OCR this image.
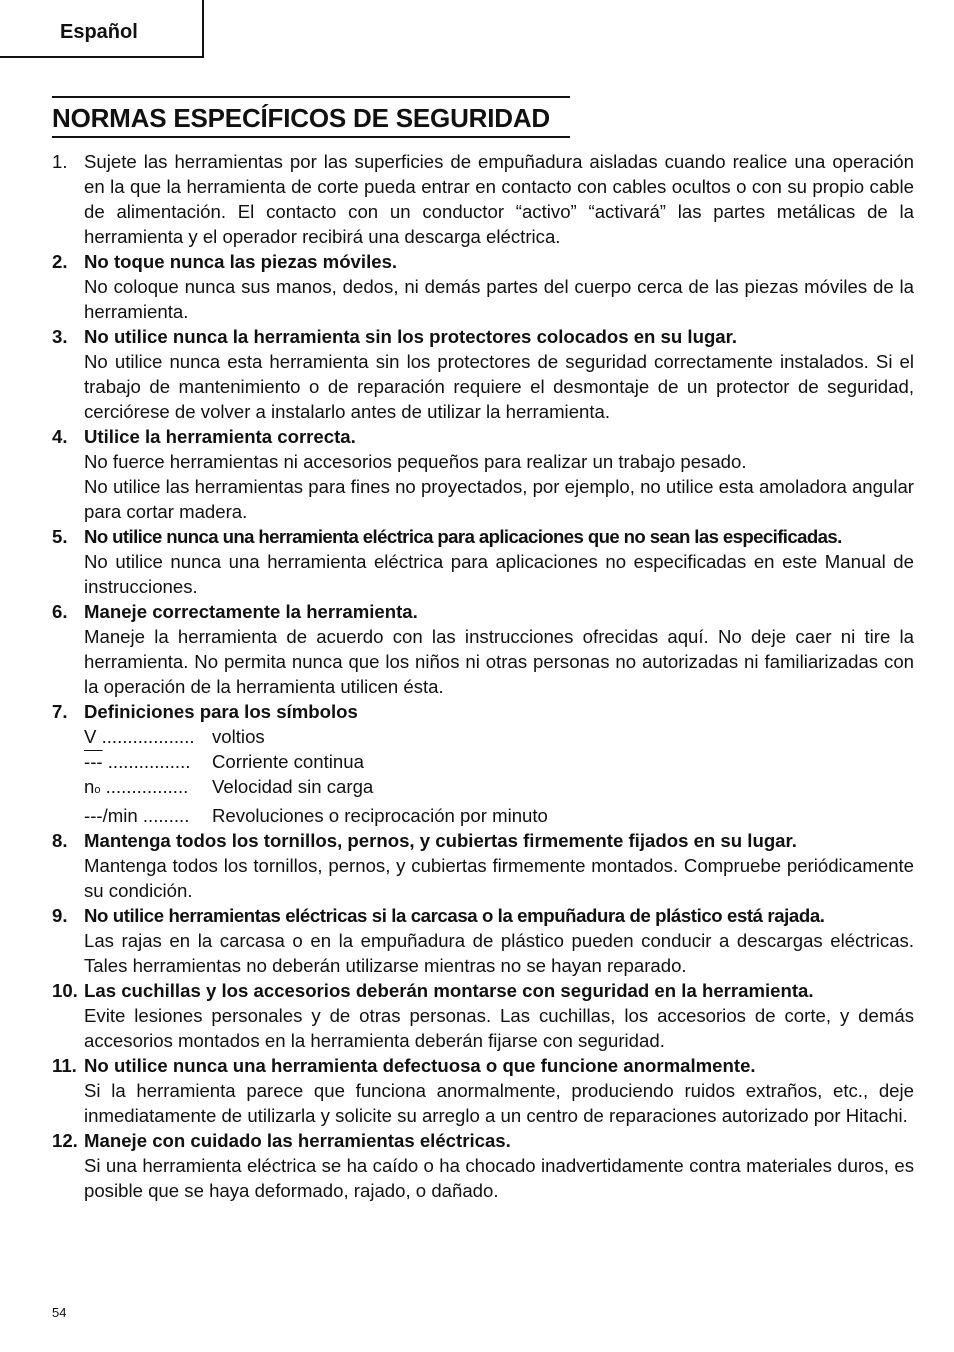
Español
NORMAS ESPECÍFICOS DE SEGURIDAD
1. Sujete las herramientas por las superficies de empuñadura aisladas cuando realice una operación en la que la herramienta de corte pueda entrar en contacto con cables ocultos o con su propio cable de alimentación. El contacto con un conductor “activo” “activará” las partes metálicas de la herramienta y el operador recibirá una descarga eléctrica.
2. No toque nunca las piezas móviles.
No coloque nunca sus manos, dedos, ni demás partes del cuerpo cerca de las piezas móviles de la herramienta.
3. No utilice nunca la herramienta sin los protectores colocados en su lugar.
No utilice nunca esta herramienta sin los protectores de seguridad correctamente instalados. Si el trabajo de mantenimiento o de reparación requiere el desmontaje de un protector de seguridad, cerciórese de volver a instalarlo antes de utilizar la herramienta.
4. Utilice la herramienta correcta.
No fuerce herramientas ni accesorios pequeños para realizar un trabajo pesado.
No utilice las herramientas para fines no proyectados, por ejemplo, no utilice esta amoladora angular para cortar madera.
5. No utilice nunca una herramienta eléctrica para aplicaciones que no sean las especificadas.
No utilice nunca una herramienta eléctrica para aplicaciones no especificadas en este Manual de instrucciones.
6. Maneje correctamente la herramienta.
Maneje la herramienta de acuerdo con las instrucciones ofrecidas aquí. No deje caer ni tire la herramienta. No permita nunca que los niños ni otras personas no autorizadas ni familiarizadas con la operación de la herramienta utilicen ésta.
7. Definiciones para los símbolos
V .................. voltios
--- ................	Corriente continua
no ................	Velocidad sin carga
---/min .........	Revoluciones o reciprocación por minuto
8. Mantenga todos los tornillos, pernos, y cubiertas firmemente fijados en su lugar.
Mantenga todos los tornillos, pernos, y cubiertas firmemente montados. Compruebe periódicamente su condición.
9. No utilice herramientas eléctricas si la carcasa o la empuñadura de plástico está rajada.
Las rajas en la carcasa o en la empuñadura de plástico pueden conducir a descargas eléctricas. Tales herramientas no deberán utilizarse mientras no se hayan reparado.
10. Las cuchillas y los accesorios deberán montarse con seguridad en la herramienta.
Evite lesiones personales y de otras personas. Las cuchillas, los accesorios de corte, y demás accesorios montados en la herramienta deberán fijarse con seguridad.
11. No utilice nunca una herramienta defectuosa o que funcione anormalmente.
Si la herramienta parece que funciona anormalmente, produciendo ruidos extraños, etc., deje inmediatamente de utilizarla y solicite su arreglo a un centro de reparaciones autorizado por Hitachi.
12. Maneje con cuidado las herramientas eléctricas.
Si una herramienta eléctrica se ha caído o ha chocado inadvertidamente contra materiales duros, es posible que se haya deformado, rajado, o dañado.
54
